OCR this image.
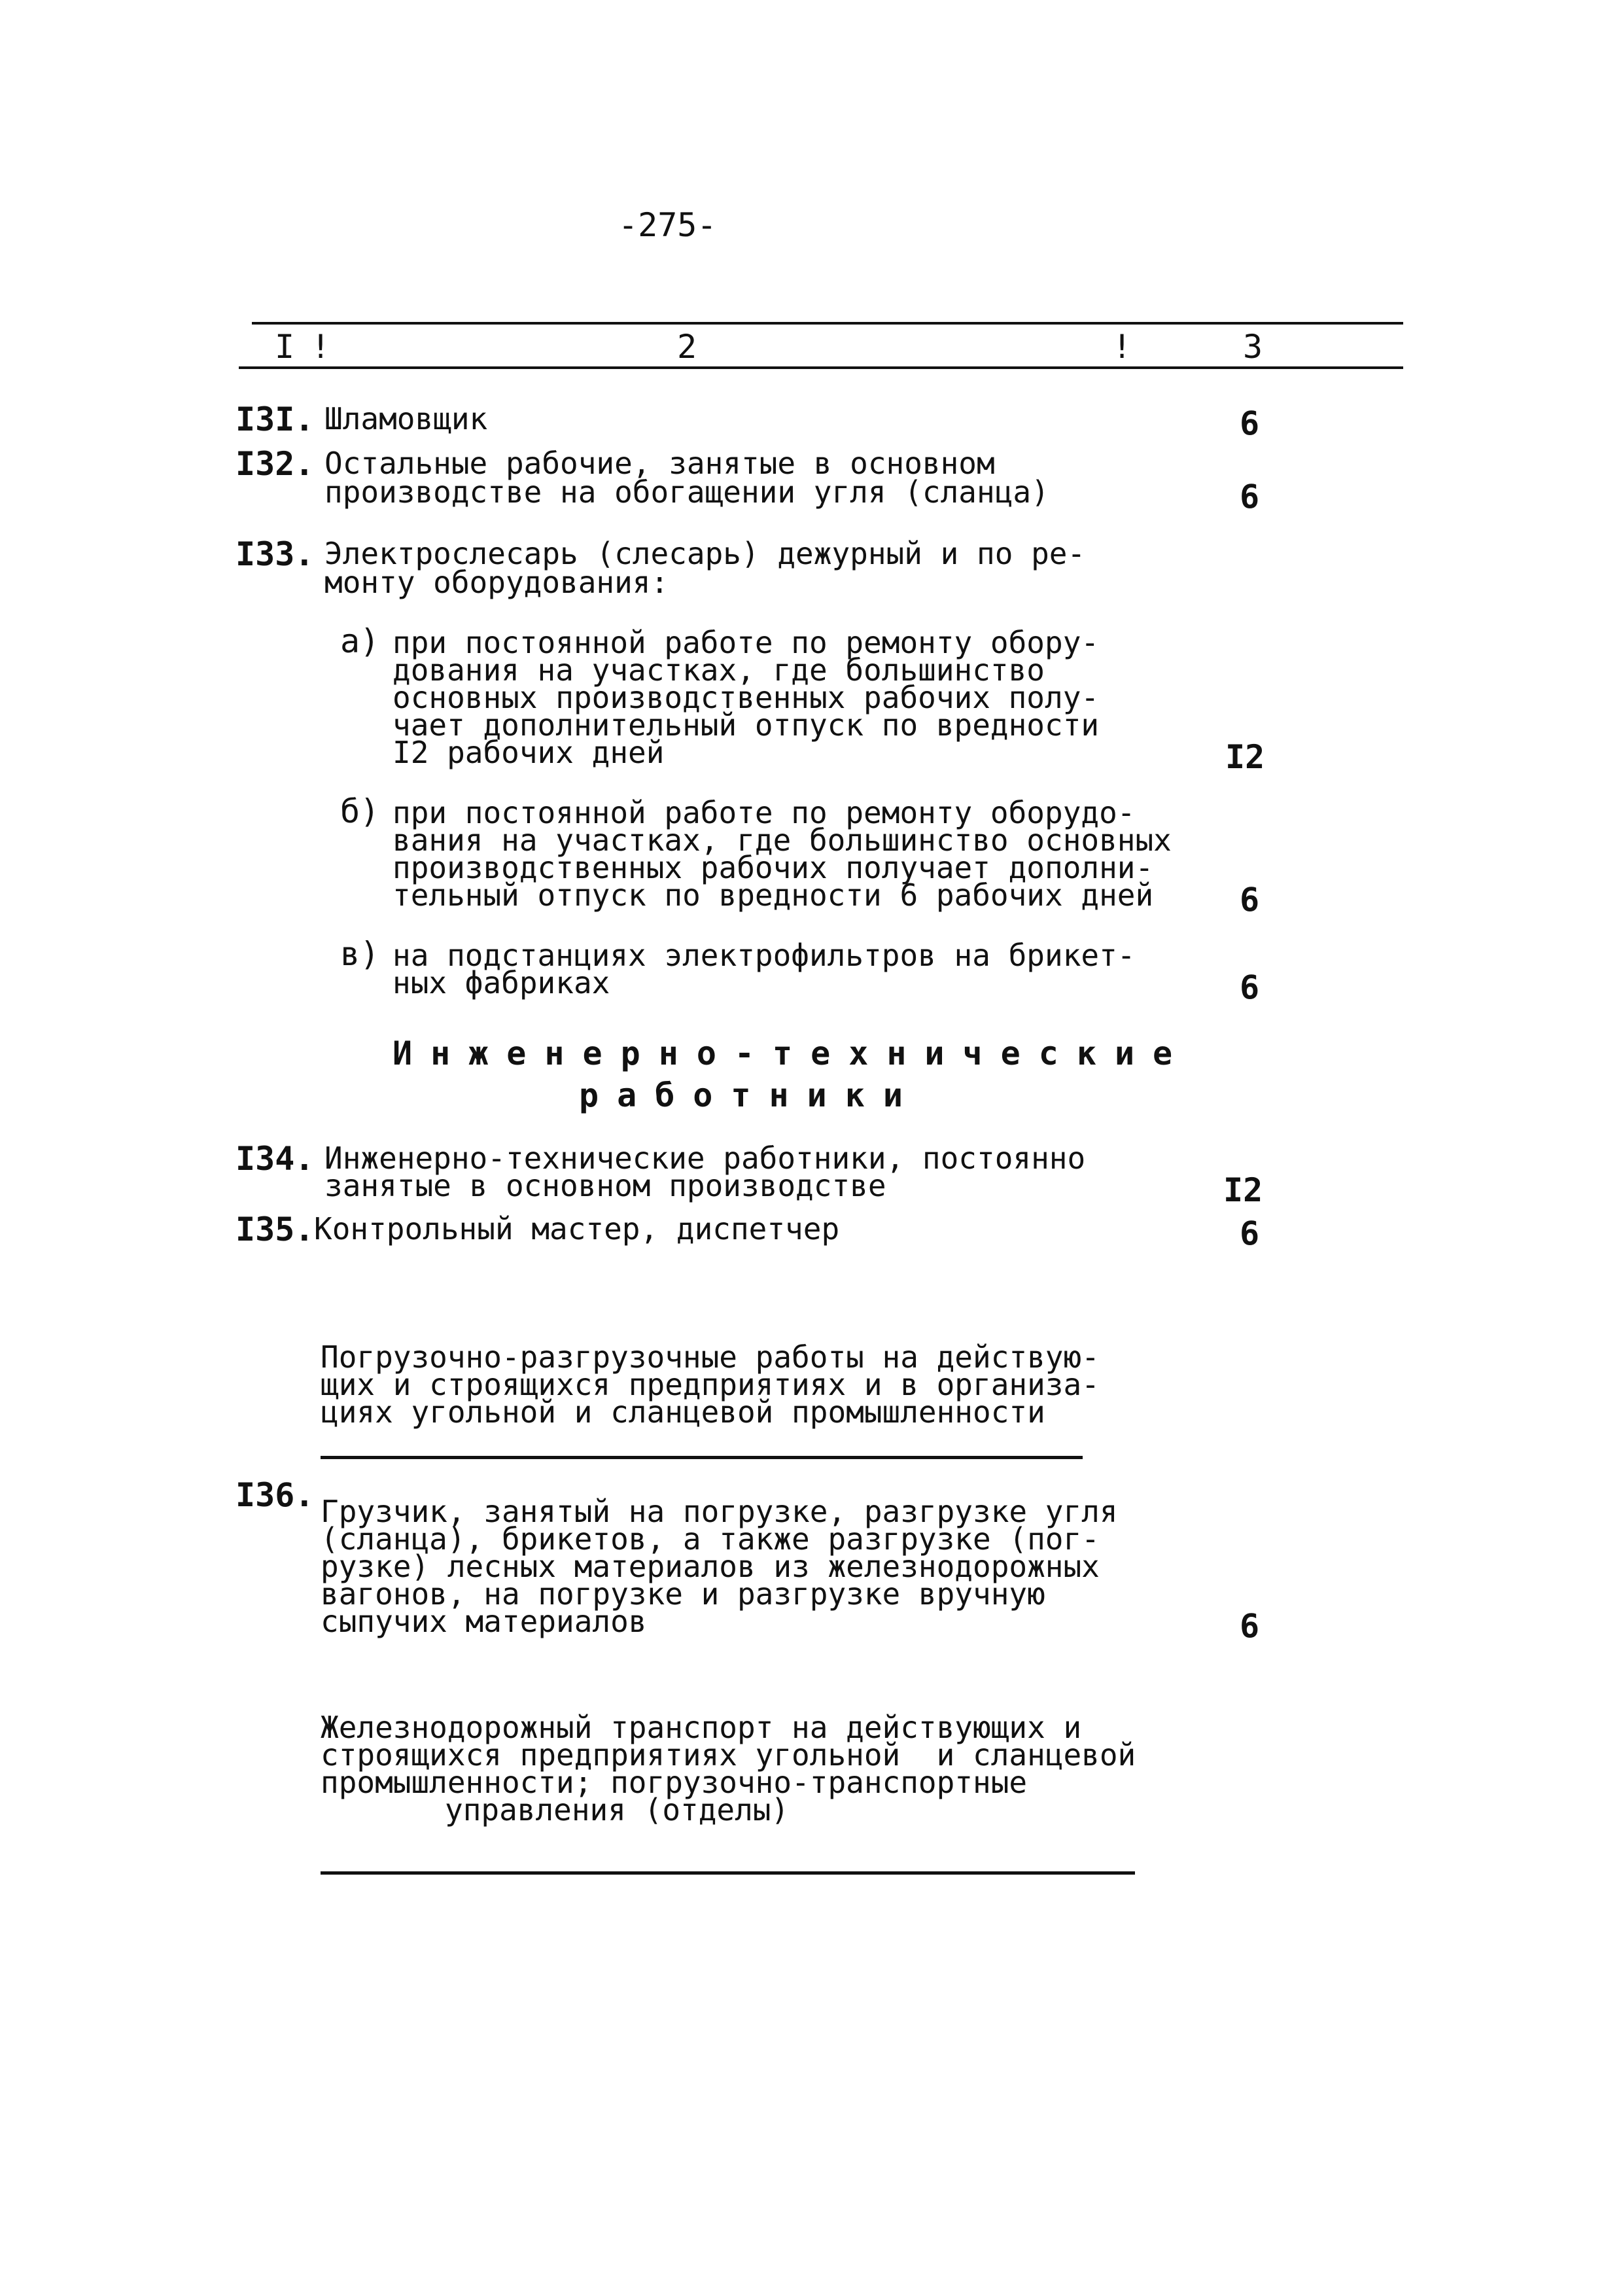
-275-
I !	2	!	3
I3I. Шламовщик	6
I32. Остальные рабочие, занятые в основном
производстве на обогащении угля (сланца)	6
I33. Электрослесарь (слесарь) дежурный и по ре-
монту оборудования:
а) при постоянной работе по ремонту обору-
дования на участках, где большинство
основных производственных рабочих полу-
чает дополнительный отпуск по вредности
I2 рабочих дней	I2
б) при постоянной работе по ремонту оборудо-
вания на участках, где большинство основных
производственных рабочих получает дополни-
тельный отпуск по вредности 6 рабочих дней	6
в) на подстанциях электрофильтров на брикет-
ных фабриках	6
Инженерно-технические
работники
I34. Инженерно-технические работники, постоянно
занятые в основном производстве	I2
I35. Контрольный мастер, диспетчер	6
Погрузочно-разгрузочные работы на действую-
щих и строящихся предприятиях и в организа-
циях угольной и сланцевой промышленности
I36. Грузчик, занятый на погрузке, разгрузке угля
(сланца), брикетов, а также разгрузке (пог-
рузке) лесных материалов из железнодорожных
вагонов, на погрузке и разгрузке вручную
сыпучих материалов	6
Железнодорожный транспорт на действующих и
строящихся предприятиях угольной  и сланцевой
промышленности; погрузочно-транспортные
управления (отделы)
